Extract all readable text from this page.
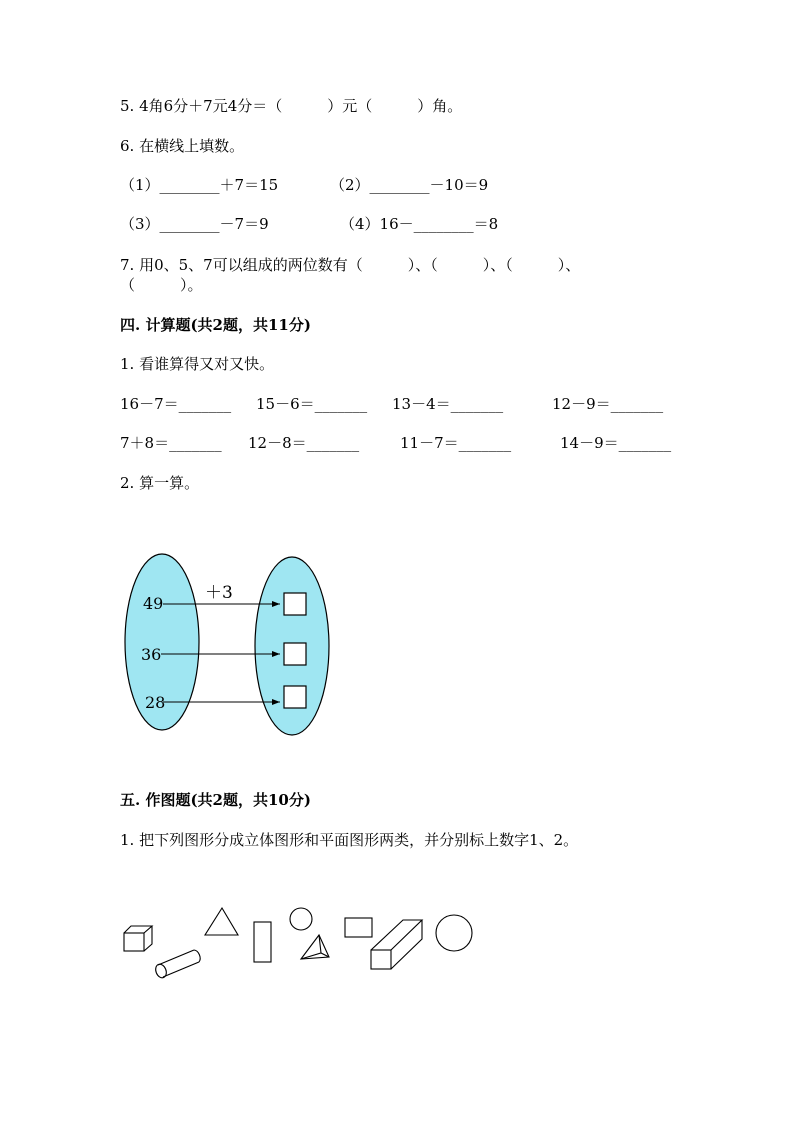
5. 4角6分＋7元4分＝（　　　）元（　　　）角。
6. 在横线上填数。
（1）________＋7＝15	（2）________－10＝9
（3）________－7＝9	（4）16－________＝8
7. 用0、5、7可以组成的两位数有（　　　）、（　　　）、（　　　）、
（　　　）。
四. 计算题(共2题，共11分)
1. 看谁算得又对又快。
16－7＝_______ 15－6＝_______ 13－4＝_______	12－9＝_______
7＋8＝_______ 12－8＝_______	11－7＝_______	14－9＝_______
2. 算一算。
＋3
49
36
28
五. 作图题(共2题，共10分)
1. 把下列图形分成立体图形和平面图形两类，并分别标上数字1、2。
